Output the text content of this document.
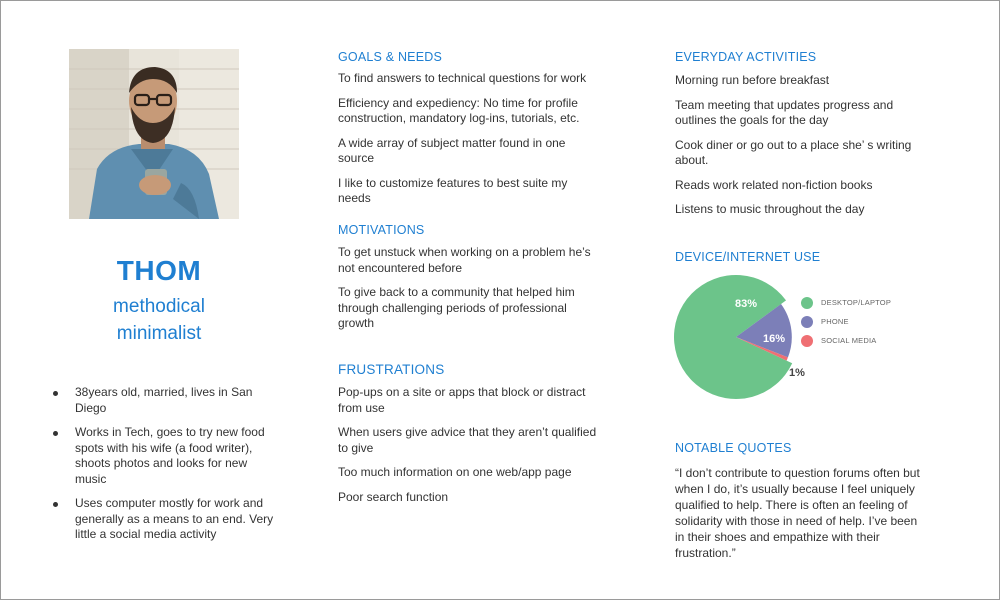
THOM
methodical
minimalist
38years old, married, lives in San Diego
Works in Tech, goes to try new food spots with his wife (a food writer), shoots photos and looks for new music
Uses computer mostly for work and generally as a means to an end. Very little a social media activity
GOALS & NEEDS
To find answers to technical questions for work
Efficiency and expediency: No time for profile construction, mandatory log-ins, tutorials, etc.
A wide array of subject matter found in one source
I like to customize features to best suite my needs
MOTIVATIONS
To get unstuck when working on a problem he’s not encountered before
To give back to a community that helped him through challenging periods of professional growth
FRUSTRATIONS
Pop-ups on a site or apps that block or distract from use
When users give advice that they aren’t qualified to give
Too much information on one web/app page
Poor search function
EVERYDAY ACTIVITIES
Morning run before breakfast
Team meeting that updates progress and outlines the goals for the day
Cook diner or go out to a place she’ s writing about.
Reads work related non-fiction books
Listens to music throughout the day
DEVICE/INTERNET USE
83%
16%
1%
DESKTOP/LAPTOP
PHONE
SOCIAL MEDIA
NOTABLE QUOTES
“I don’t contribute to question forums often but when I do, it’s usually because I feel uniquely qualified to help. There is often an feeling of solidarity with those in need of help. I’ve been in their shoes and empathize with their frustration.”
